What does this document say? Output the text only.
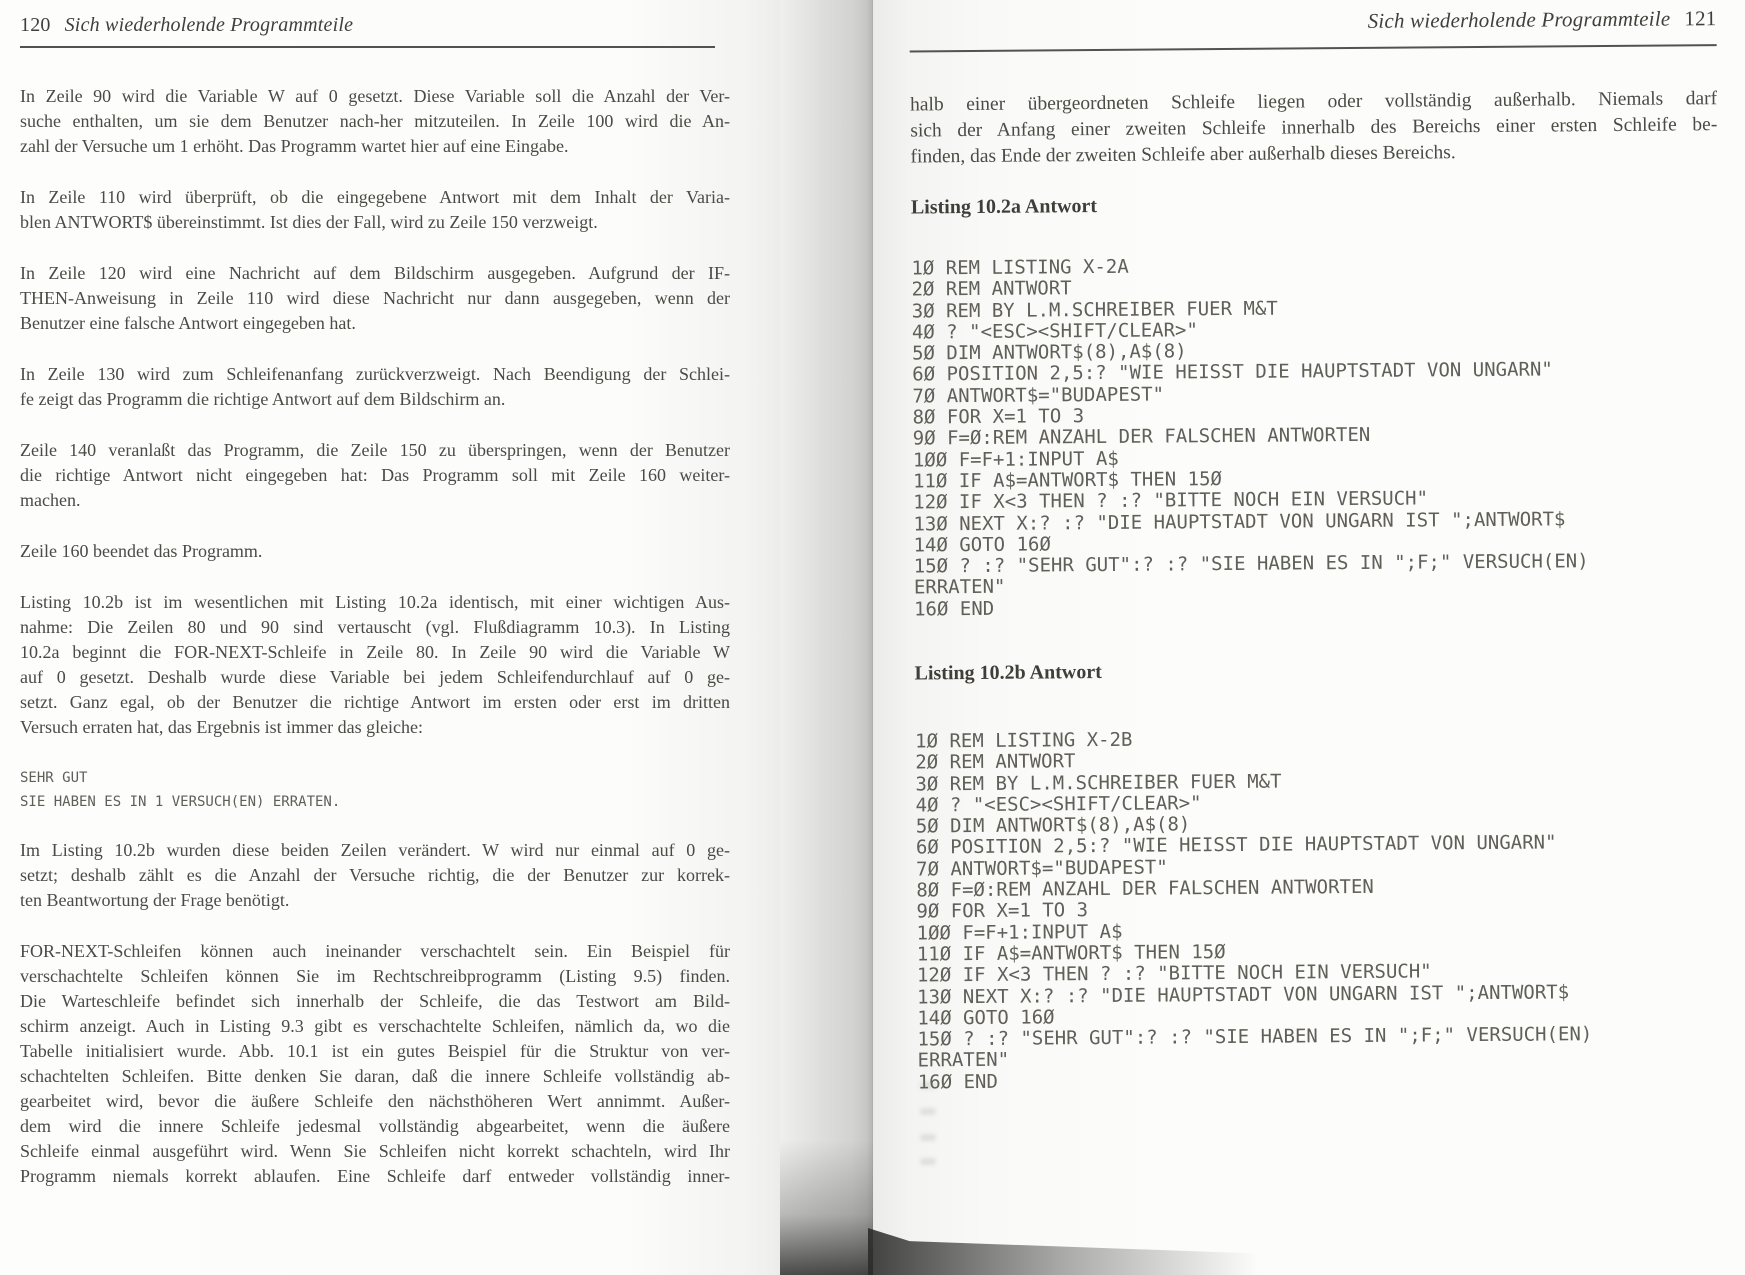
120 Sich wiederholende Programmteile
In Zeile 90 wird die Variable W auf 0 gesetzt. Diese Variable soll die Anzahl der Ver-
suche enthalten, um sie dem Benutzer nach-her mitzuteilen. In Zeile 100 wird die An-
zahl der Versuche um 1 erhöht. Das Programm wartet hier auf eine Eingabe.
In Zeile 110 wird überprüft, ob die eingegebene Antwort mit dem Inhalt der Varia-
blen ANTWORT$ übereinstimmt. Ist dies der Fall, wird zu Zeile 150 verzweigt.
In Zeile 120 wird eine Nachricht auf dem Bildschirm ausgegeben. Aufgrund der IF-
THEN-Anweisung in Zeile 110 wird diese Nachricht nur dann ausgegeben, wenn der
Benutzer eine falsche Antwort eingegeben hat.
In Zeile 130 wird zum Schleifenanfang zurückverzweigt. Nach Beendigung der Schlei-
fe zeigt das Programm die richtige Antwort auf dem Bildschirm an.
Zeile 140 veranlaßt das Programm, die Zeile 150 zu überspringen, wenn der Benutzer
die richtige Antwort nicht eingegeben hat: Das Programm soll mit Zeile 160 weiter-
machen.
Zeile 160 beendet das Programm.
Listing 10.2b ist im wesentlichen mit Listing 10.2a identisch, mit einer wichtigen Aus-
nahme: Die Zeilen 80 und 90 sind vertauscht (vgl. Flußdiagramm 10.3). In Listing
10.2a beginnt die FOR-NEXT-Schleife in Zeile 80. In Zeile 90 wird die Variable W
auf 0 gesetzt. Deshalb wurde diese Variable bei jedem Schleifendurchlauf auf 0 ge-
setzt. Ganz egal, ob der Benutzer die richtige Antwort im ersten oder erst im dritten
Versuch erraten hat, das Ergebnis ist immer das gleiche:
SEHR GUT
SIE HABEN ES IN 1 VERSUCH(EN) ERRATEN.
Im Listing 10.2b wurden diese beiden Zeilen verändert. W wird nur einmal auf 0 ge-
setzt; deshalb zählt es die Anzahl der Versuche richtig, die der Benutzer zur korrek-
ten Beantwortung der Frage benötigt.
FOR-NEXT-Schleifen können auch ineinander verschachtelt sein. Ein Beispiel für
verschachtelte Schleifen können Sie im Rechtschreibprogramm (Listing 9.5) finden.
Die Warteschleife befindet sich innerhalb der Schleife, die das Testwort am Bild-
schirm anzeigt. Auch in Listing 9.3 gibt es verschachtelte Schleifen, nämlich da, wo die
Tabelle initialisiert wurde. Abb. 10.1 ist ein gutes Beispiel für die Struktur von ver-
schachtelten Schleifen. Bitte denken Sie daran, daß die innere Schleife vollständig ab-
gearbeitet wird, bevor die äußere Schleife den nächsthöheren Wert annimmt. Außer-
dem wird die innere Schleife jedesmal vollständig abgearbeitet, wenn die äußere
Schleife einmal ausgeführt wird. Wenn Sie Schleifen nicht korrekt schachteln, wird Ihr
Programm niemals korrekt ablaufen. Eine Schleife darf entweder vollständig inner-
Sich wiederholende Programmteile 121
halb einer übergeordneten Schleife liegen oder vollständig außerhalb. Niemals darf
sich der Anfang einer zweiten Schleife innerhalb des Bereichs einer ersten Schleife be-
finden, das Ende der zweiten Schleife aber außerhalb dieses Bereichs.
Listing 10.2a Antwort
1Ø REM LISTING X-2A
2Ø REM ANTWORT
3Ø REM BY L.M.SCHREIBER FUER M&T
4Ø ? "<ESC><SHIFT/CLEAR>"
5Ø DIM ANTWORT$(8),A$(8)
6Ø POSITION 2,5:? "WIE HEISST DIE HAUPTSTADT VON UNGARN"
7Ø ANTWORT$="BUDAPEST"
8Ø FOR X=1 TO 3
9Ø F=Ø:REM ANZAHL DER FALSCHEN ANTWORTEN
1ØØ F=F+1:INPUT A$
11Ø IF A$=ANTWORT$ THEN 15Ø
12Ø IF X<3 THEN ? :? "BITTE NOCH EIN VERSUCH"
13Ø NEXT X:? :? "DIE HAUPTSTADT VON UNGARN IST ";ANTWORT$
14Ø GOTO 16Ø
15Ø ? :? "SEHR GUT":? :? "SIE HABEN ES IN ";F;" VERSUCH(EN)
ERRATEN"
16Ø END
Listing 10.2b Antwort
1Ø REM LISTING X-2B
2Ø REM ANTWORT
3Ø REM BY L.M.SCHREIBER FUER M&T
4Ø ? "<ESC><SHIFT/CLEAR>"
5Ø DIM ANTWORT$(8),A$(8)
6Ø POSITION 2,5:? "WIE HEISST DIE HAUPTSTADT VON UNGARN"
7Ø ANTWORT$="BUDAPEST"
8Ø F=Ø:REM ANZAHL DER FALSCHEN ANTWORTEN
9Ø FOR X=1 TO 3
1ØØ F=F+1:INPUT A$
11Ø IF A$=ANTWORT$ THEN 15Ø
12Ø IF X<3 THEN ? :? "BITTE NOCH EIN VERSUCH"
13Ø NEXT X:? :? "DIE HAUPTSTADT VON UNGARN IST ";ANTWORT$
14Ø GOTO 16Ø
15Ø ? :? "SEHR GUT":? :? "SIE HABEN ES IN ";F;" VERSUCH(EN)
ERRATEN"
16Ø END
